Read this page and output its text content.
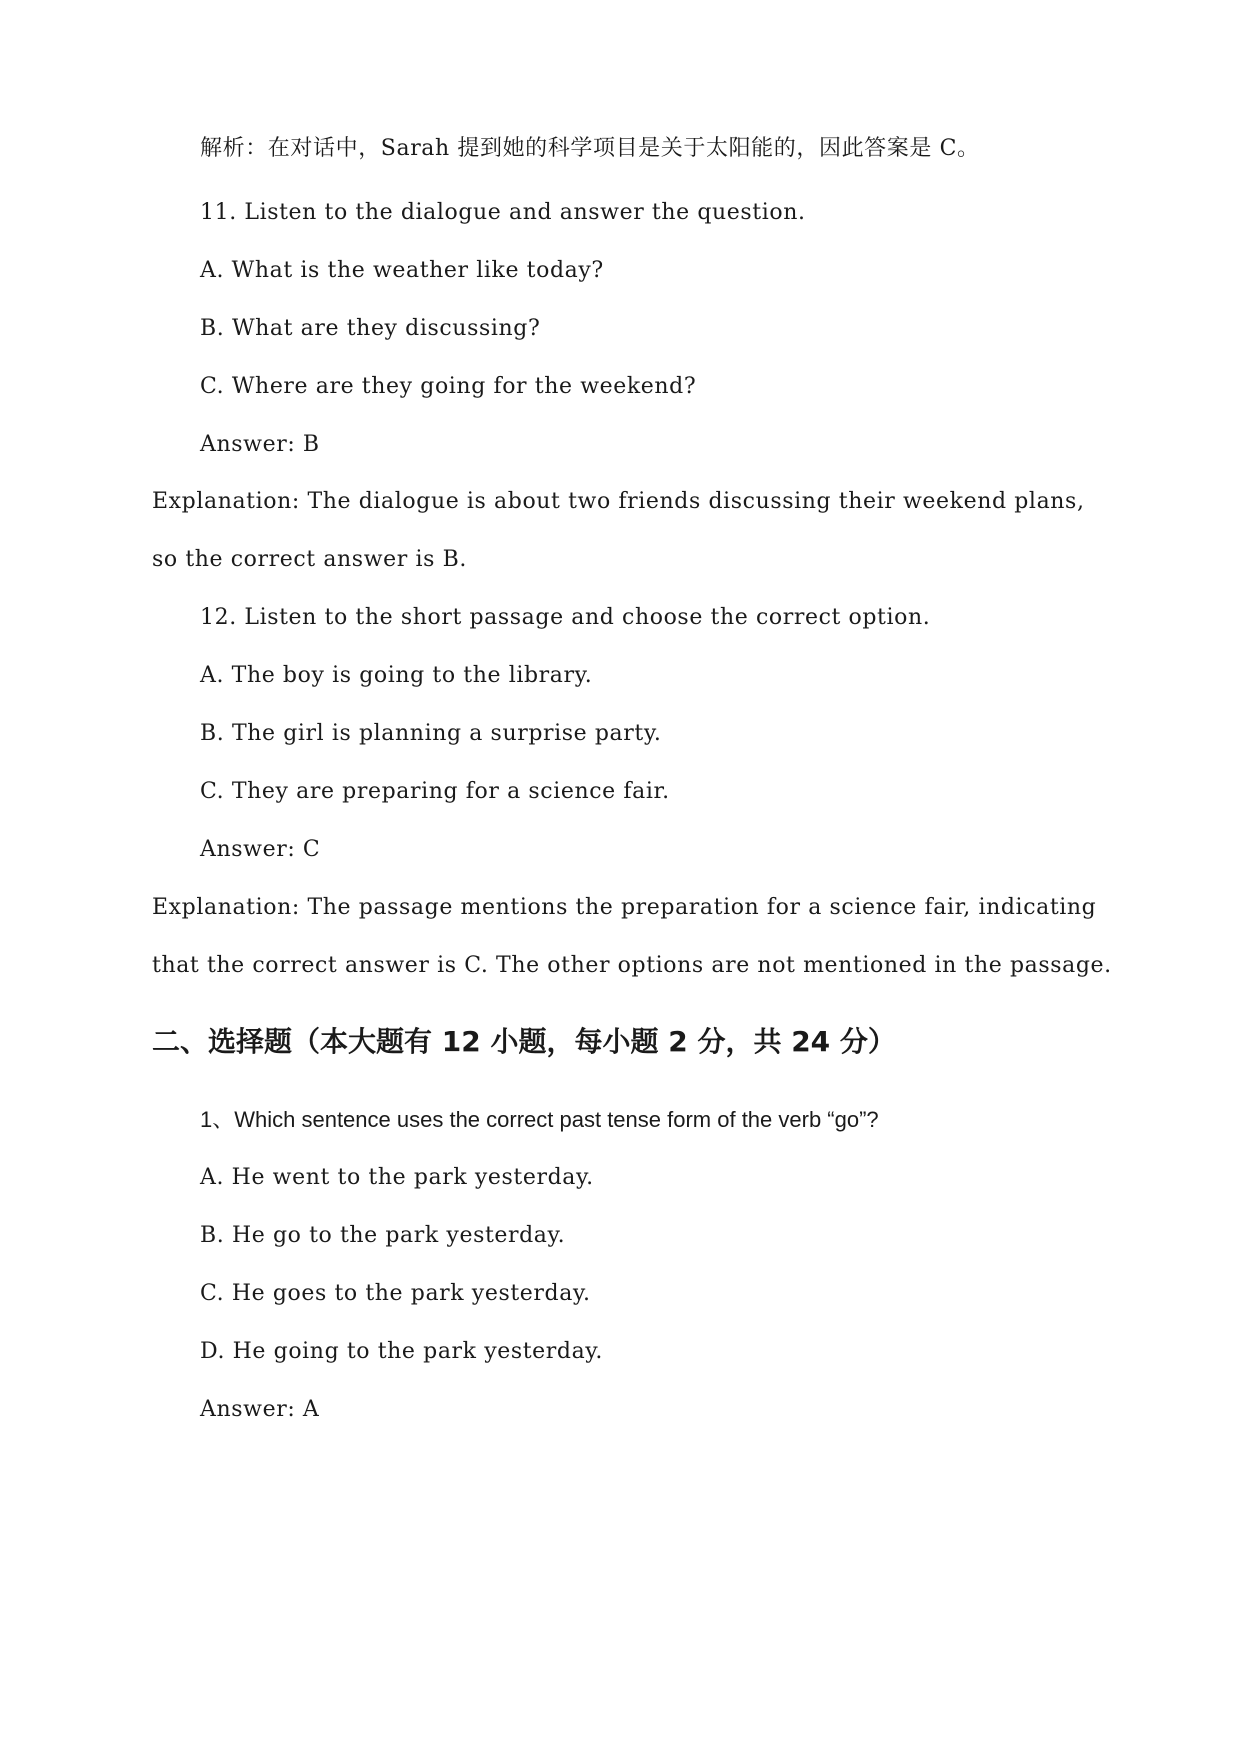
解析：在对话中，Sarah 提到她的科学项目是关于太阳能的，因此答案是 C。
11. Listen to the dialogue and answer the question.
A. What is the weather like today?
B. What are they discussing?
C. Where are they going for the weekend?
Answer: B
Explanation: The dialogue is about two friends discussing their weekend plans,
so the correct answer is B.
12. Listen to the short passage and choose the correct option.
A. The boy is going to the library.
B. The girl is planning a surprise party.
C. They are preparing for a science fair.
Answer: C
Explanation: The passage mentions the preparation for a science fair, indicating
that the correct answer is C. The other options are not mentioned in the passage.
二、选择题（本大题有 12 小题，每小题 2 分，共 24 分）
1、Which sentence uses the correct past tense form of the verb “go”?
A. He went to the park yesterday.
B. He go to the park yesterday.
C. He goes to the park yesterday.
D. He going to the park yesterday.
Answer: A
